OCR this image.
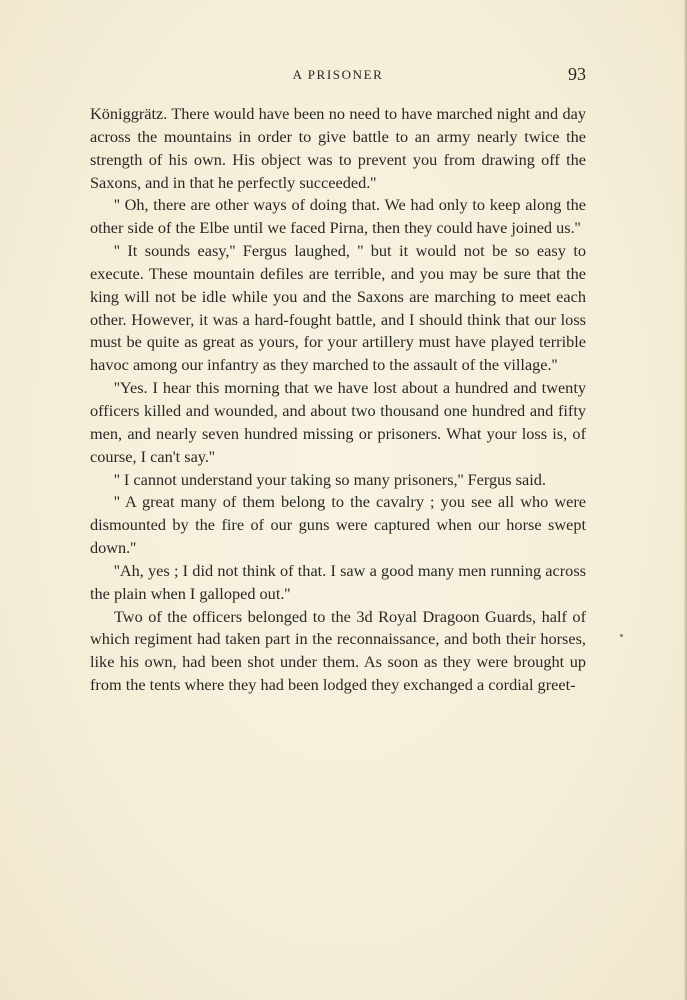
A PRISONER	93

Königgrätz. There would have been no need to have marched night and day across the mountains in order to give battle to an army nearly twice the strength of his own. His object was to prevent you from drawing off the Saxons, and in that he perfectly succeeded.''

'' Oh, there are other ways of doing that. We had only to keep along the other side of the Elbe until we faced Pirna, then they could have joined us.''

'' It sounds easy,'' Fergus laughed, '' but it would not be so easy to execute. These mountain defiles are terrible, and you may be sure that the king will not be idle while you and the Saxons are marching to meet each other. However, it was a hard-fought battle, and I should think that our loss must be quite as great as yours, for your artillery must have played terrible havoc among our infantry as they marched to the assault of the village.''

''Yes. I hear this morning that we have lost about a hundred and twenty officers killed and wounded, and about two thousand one hundred and fifty men, and nearly seven hundred missing or prisoners. What your loss is, of course, I can't say.''

'' I cannot understand your taking so many prisoners,'' Fergus said.

'' A great many of them belong to the cavalry ; you see all who were dismounted by the fire of our guns were captured when our horse swept down.''

''Ah, yes ; I did not think of that. I saw a good many men running across the plain when I galloped out.''

Two of the officers belonged to the 3d Royal Dragoon Guards, half of which regiment had taken part in the reconnaissance, and both their horses, like his own, had been shot under them. As soon as they were brought up from the tents where they had been lodged they exchanged a cordial greet-
